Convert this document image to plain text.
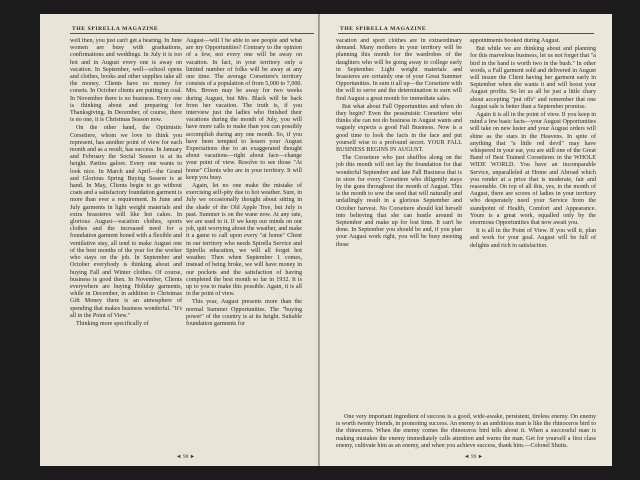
THE SPIRELLA MAGAZINE

well then, you just can't get a hearing. In June women are busy with graduations, confirmations and weddings. In July it is too hot and in August every one is away on vacation. In September, well—school opens and clothes, books and other supplies take all the money. Clients have no money for corsets. In October clients are putting in coal. In November there is no business. Every one is thinking about and preparing for Thanksgiving. In December, of course, there is no one, it is Christmas Season now.

On the other hand, the Optimistic Corsetiere, whom we love to think you represent, has another point of view for each month and as a result, has success. In January and February the Social Season is at its height. Parties galore. Every one wants to look nice. In March and April—the Grand and Glorious Spring Buying Season is at hand. In May, Clients begin to go without coats and a satisfactory foundation garment is more than ever a requirement. In June and July garments in light weight materials and extra brassieres will like hot cakes. In glorious August—vacation clothes, sports clothes and the increased need for a foundation garment boned with a flexible and ventilative stay, all tend to make August one of the best months of the year for the worker who stays on the job. In September and October everybody is thinking about and buying Fall and Winter clothes. Of course, business is good then. In November, Clients everywhere are buying Holiday garments, while in December, in addition to Christmas Gift Money there is an atmosphere of spending that makes business wonderful. "It's all in the Point of View."

Thinking more specifically of

August—will I be able to see people and what are my Opportunities? Contrary to the opinion of a few, not every one will be away on vacation. In fact, in your territory only a limited number of folks will be away at any one time. The average Corsetiere's territory consists of a population of from 5,000 to 7,000. Mrs. Brown may be away for two weeks during August, but Mrs. Black will be back from her vacation. The truth is, if you interview just the ladies who finished their vacations during the month of July, you will have more calls to make than you can possibly accomplish during any one month. So, if you have been tempted to lessen your August Expectations due to an exaggerated thought about vacations—right about face—change your point of view. Resolve to see those "At home" Clients who are in your territory. It will keep you busy.

Again, let no one make the mistake of exercising self-pity due to hot weather. Sure, in July we occasionally thought about sitting in the shade of the Old Apple Tree, but July is past. Summer is on the wane now. At any rate, we are used to it. If we keep our minds on our job, quit worrying about the weather, and make it a game to call upon every "at home" Client in our territory who needs Spirella Service and Spirella education, we will all forget hot weather. Then when September 1 comes, instead of being broke, we will have money in our pockets and the satisfaction of having completed the best month so far in 1932. It is up to you to make this possible. Again, it is all in the point of view.

This year, August presents more than the normal Summer Opportunities. The "buying power" of the country is at its height. Suitable foundation garments for

◄ 98 ►
THE SPIRELLA MAGAZINE

vacation and sport clothes are in extraordinary demand. Many mothers in your territory will be planning this month for the wardrobes of the daughters who will be going away to college early in September. Light weight materials and brassieres are certainly one of your Great Summer Opportunities. In sum it all up—the Corsetiere with the will to serve and the determination to earn will find August a great month for immediate sales.

But what about Fall Opportunities and when do they begin? Even the pessimistic Corsetiere who thinks she can not do business in August wants and vaguely expects a good Fall Business. Now is a good time to look the facts in the face and put yourself wise to a profound secret. YOUR FALL BUSINESS BEGINS IN AUGUST.

The Corsetiere who just shuffles along on the job this month will not lay the foundation for that wonderful September and late Fall Business that is in store for every Corsetiere who diligently stays by the guns throughout the month of August. This is the month to sow the seed that will naturally and unfailingly result in a glorious September and October harvest. No Corsetiere should kid herself into believing that she can hustle around in September and make up for lost time. It can't be done. In September you should be and, if you plan your August work right, you will be busy meeting those

appointments booked during August.

But while we are thinking about and planning for this marvelous business, let us not forget that "a bird in the hand is worth two in the bush." In other words, a Fall garment sold and delivered in August will insure the Client having her garment early in September when she wants it and will boost your August profits. So let us all be just a little chary about accepting "put offs" and remember that one August sale is better than a September promise.

Again it is all in the point of view. If you keep in mind a few basic facts—your August Opportunities will take on new luster and your August orders will shine as the stars in the Heavens. In spite of anything that "a little red devil" may have whispered in your ear, you are still one of the Great Band of Best Trained Corsetieres in the WHOLE WIDE WORLD. You have an incomparable Service, unparalleled at Home and Abroad which you render at a price that is moderate, fair and reasonable. On top of all this, yes, in the month of August, there are scores of ladies in your territory who desperately need your Service from the standpoint of Health, Comfort and Appearance. Yours is a great work, equalled only by the enormous Opportunities that now await you.

It is all in the Point of View. If you will it, plan and work for your goal. August will be full of delights and rich in satisfaction.

One very important ingredient of success is a good, wide-awake, persistent, tireless enemy. On enemy is worth twenty friends, in promoting success. An enemy to an ambitious man is like the rhinoceros bird to the rhinoceros. When the enemy comes the rhinoceros bird tells about it. When a successful man is making mistakes the enemy immediately calls attention and warns the man. Get for yourself a first class enemy, cultivate him as an enemy, and when you achieve success, thank him.—Colonel Shutts.

◄ 99 ►
